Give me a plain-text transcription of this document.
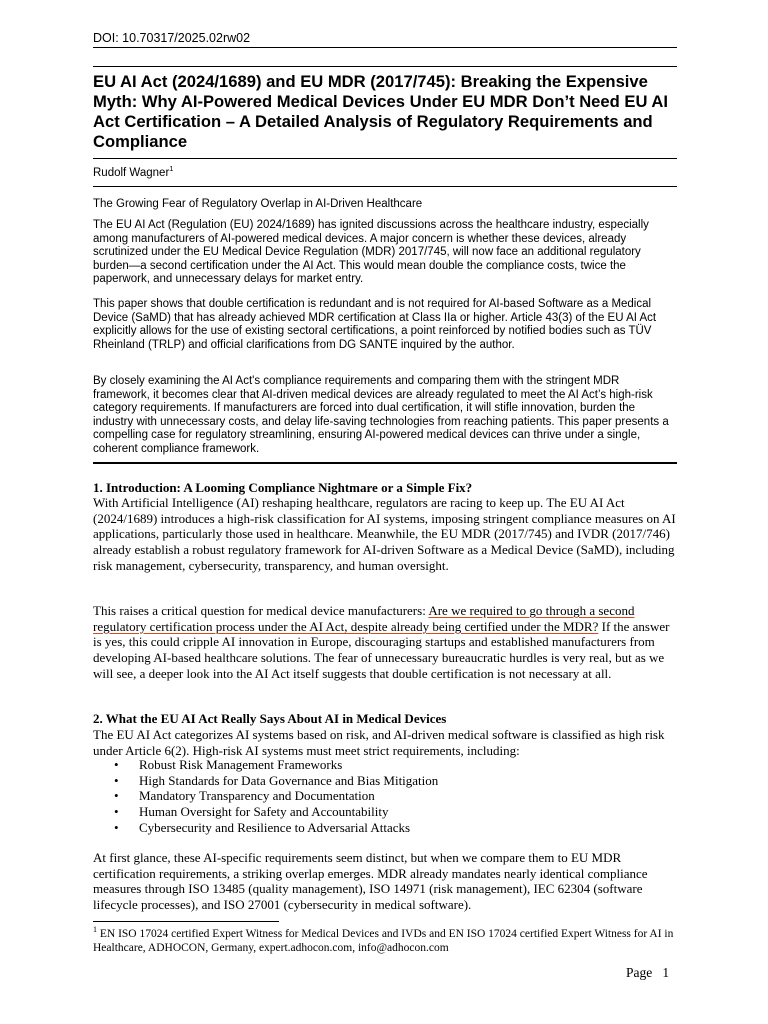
DOI: 10.70317/2025.02rw02
EU AI Act (2024/1689) and EU MDR (2017/745): Breaking the Expensive Myth: Why AI-Powered Medical Devices Under EU MDR Don’t Need EU AI Act Certification – A Detailed Analysis of Regulatory Requirements and Compliance
Rudolf Wagner$^1$
The Growing Fear of Regulatory Overlap in AI-Driven Healthcare

The EU AI Act (Regulation (EU) 2024/1689) has ignited discussions across the healthcare industry, especially among manufacturers of AI-powered medical devices. A major concern is whether these devices, already scrutinized under the EU Medical Device Regulation (MDR) 2017/745, will now face an additional regulatory burden—a second certification under the AI Act. This would mean double the compliance costs, twice the paperwork, and unnecessary delays for market entry.

This paper shows that double certification is redundant and is not required for AI-based Software as a Medical Device (SaMD) that has already achieved MDR certification at Class IIa or higher. Article 43(3) of the EU AI Act explicitly allows for the use of existing sectoral certifications, a point reinforced by notified bodies such as TÜV Rheinland (TRLP) and official clarifications from DG SANTE inquired by the author.

By closely examining the AI Act's compliance requirements and comparing them with the stringent MDR framework, it becomes clear that AI-driven medical devices are already regulated to meet the AI Act’s high-risk category requirements. If manufacturers are forced into dual certification, it will stifle innovation, burden the industry with unnecessary costs, and delay life-saving technologies from reaching patients. This paper presents a compelling case for regulatory streamlining, ensuring AI-powered medical devices can thrive under a single, coherent compliance framework.

1. Introduction: A Looming Compliance Nightmare or a Simple Fix?

With Artificial Intelligence (AI) reshaping healthcare, regulators are racing to keep up. The EU AI Act (2024/1689) introduces a high-risk classification for AI systems, imposing stringent compliance measures on AI applications, particularly those used in healthcare. Meanwhile, the EU MDR (2017/745) and IVDR (2017/746) already establish a robust regulatory framework for AI-driven Software as a Medical Device (SaMD), including risk management, cybersecurity, transparency, and human oversight.

This raises a critical question for medical device manufacturers: Are we required to go through a second regulatory certification process under the AI Act, despite already being certified under the MDR? If the answer is yes, this could cripple AI innovation in Europe, discouraging startups and established manufacturers from developing AI-based healthcare solutions. The fear of unnecessary bureaucratic hurdles is very real, but as we will see, a deeper look into the AI Act itself suggests that double certification is not necessary at all.

2. What the EU AI Act Really Says About AI in Medical Devices

The EU AI Act categorizes AI systems based on risk, and AI-driven medical software is classified as high risk under Article 6(2). High-risk AI systems must meet strict requirements, including:

• Robust Risk Management Frameworks
• High Standards for Data Governance and Bias Mitigation
• Mandatory Transparency and Documentation
• Human Oversight for Safety and Accountability
• Cybersecurity and Resilience to Adversarial Attacks

At first glance, these AI-specific requirements seem distinct, but when we compare them to EU MDR certification requirements, a striking overlap emerges. MDR already mandates nearly identical compliance measures through ISO 13485 (quality management), ISO 14971 (risk management), IEC 62304 (software lifecycle processes), and ISO 27001 (cybersecurity in medical software).

$^1$ EN ISO 17024 certified Expert Witness for Medical Devices and IVDs and EN ISO 17024 certified Expert Witness for AI in Healthcare, ADHOCON, Germany, expert.adhocon.com, info@adhocon.com

Page 1
